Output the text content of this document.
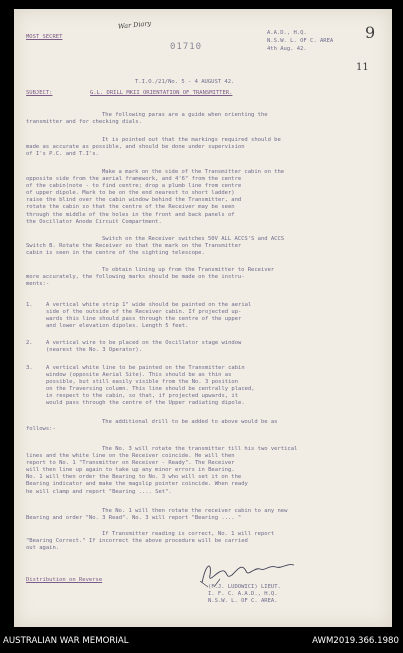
MOST SECRET
War Diary	9
01710
A.A.D., H.Q.
N.S.W. L. OF C. AREA
4th Aug. 42.
11
T.I.O./21/No. 5 - 4 AUGUST 42.
SUBJECT:	G.L. DRILL MKII ORIENTATION OF TRANSMITTER.
The following paras are a guide when orienting the
transmitter and for checking dials.
It is pointed out that the markings required should be
made as accurate as possible, and should be done under supervision
of I's P.C. and T.I's.
Make a mark on the side of the Transmitter cabin on the
opposite side from the aerial framework, and 4'6" from the centre
of the cabin(note - to find centre; drop a plumb line from centre
of upper dipole. Mark to be on the end nearest to short ladder)
raise the blind over the cabin window behind the Transmitter, and
rotate the cabin so that the centre of the Receiver may be seen
through the middle of the holes in the front and back panels of
the Oscillator Anode Circuit Compartment.
Switch on the Receiver switches 50V ALL ACCS'S and ACCS
Switch B. Rotate the Receiver so that the mark on the Transmitter
cabin is seen in the centre of the sighting telescope.
To obtain lining up from the Transmitter to Receiver
more accurately, the following marks should be made on the instru-
ments:-
1. A vertical white strip 1" wide should be painted on the aerial
side of the outside of the Receiver cabin. If projected up-
wards this line should pass through the centre of the upper
and lower elevation dipoles. Length 5 feet.
2. A vertical wire to be placed on the Oscillator stage window
(nearest the No. 3 Operator).
3. A vertical white line to be painted on the Transmitter cabin
window (opposite Aerial Site). This should be as thin as
possible, but still easily visible from the No. 3 position
on the Traversing column. This line should be centrally placed,
in respect to the cabin, so that, if projected upwards, it
would pass through the centre of the Upper radiating dipole.
The additional drill to be added to above would be as
follows:-
The No. 3 will rotate the transmitter till his two vertical
lines and the white line on the Receiver coincide. He will then
report to No. 1 "Transmitter on Receiver - Ready". The Receiver
will then line up again to take up any minor errors in Bearing.
No. 1 will then order the Bearing to No. 3 who will set it on the
Bearing indicator and make the magslip pointer coincide. When ready
he will clamp and report "Bearing .... Set".
The No. 1 will then rotate the receiver cabin to any new
Bearing and order "No. 3 Read". No. 3 will report "Bearing .... "
If Transmitter reading is correct, No. 1 will report
"Bearing Correct." If incorrect the above procedure will be carried
out again.
Distribution on Reverse
(F.J. LUDOWICI) LIEUT.
I. F. C. A.A.D., H.Q.
N.S.W. L. OF C. AREA.
AUSTRALIAN WAR MEMORIAL	AWM2019.366.1980
